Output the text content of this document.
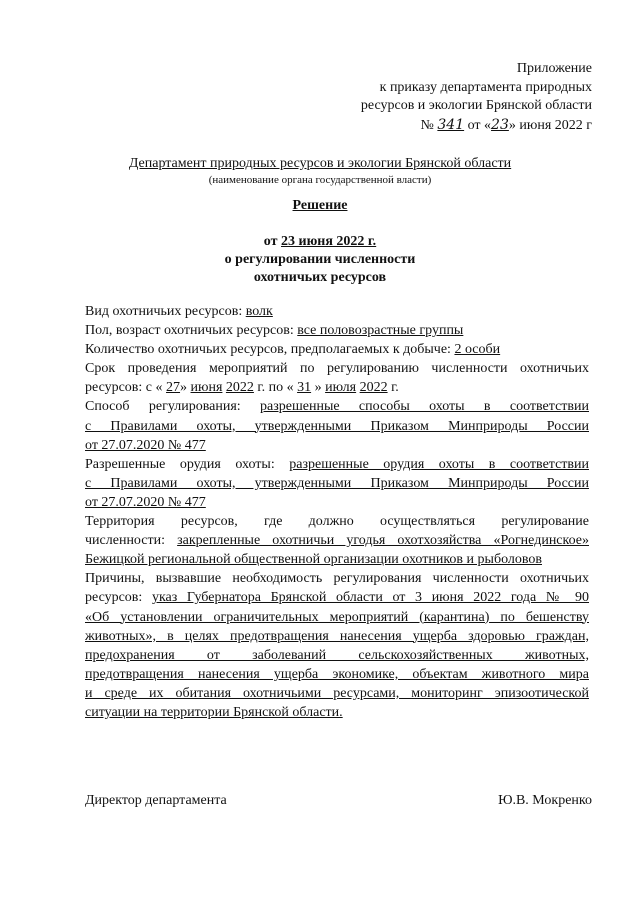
Приложение
к приказу департамента природных
ресурсов и экологии Брянской области
№ 341 от «23» июня 2022 г
Департамент природных ресурсов и экологии Брянской области
(наименование органа государственной власти)
Решение
от 23 июня 2022 г.
о регулировании численности
охотничьих ресурсов
Вид охотничьих ресурсов: волк
Пол, возраст охотничьих ресурсов: все половозрастные группы
Количество охотничьих ресурсов, предполагаемых к добыче: 2 особи
Срок проведения мероприятий по регулированию численности охотничьих
ресурсов: с « 27» июня 2022 г. по « 31 » июля 2022 г.
Способ регулирования: разрешенные способы охоты в соответствии
с Правилами охоты, утвержденными Приказом Минприроды России
от 27.07.2020 № 477
Разрешенные орудия охоты: разрешенные орудия охоты в соответствии
с Правилами охоты, утвержденными Приказом Минприроды России
от 27.07.2020 № 477
Территория ресурсов, где должно осуществляться регулирование
численности: закрепленные охотничьи угодья охотхозяйства «Рогнединское»
Бежицкой региональной общественной организации охотников и рыболовов
Причины, вызвавшие необходимость регулирования численности охотничьих
ресурсов: указ Губернатора Брянской области от 3 июня 2022 года № 90
«Об установлении ограничительных мероприятий (карантина) по бешенству
животных», в целях предотвращения нанесения ущерба здоровью граждан,
предохранения от заболеваний сельскохозяйственных животных,
предотвращения нанесения ущерба экономике, объектам животного мира
и среде их обитания охотничьими ресурсами, мониторинг эпизоотической
ситуации на территории Брянской области.
Директор департамента	Ю.В. Мокренко
